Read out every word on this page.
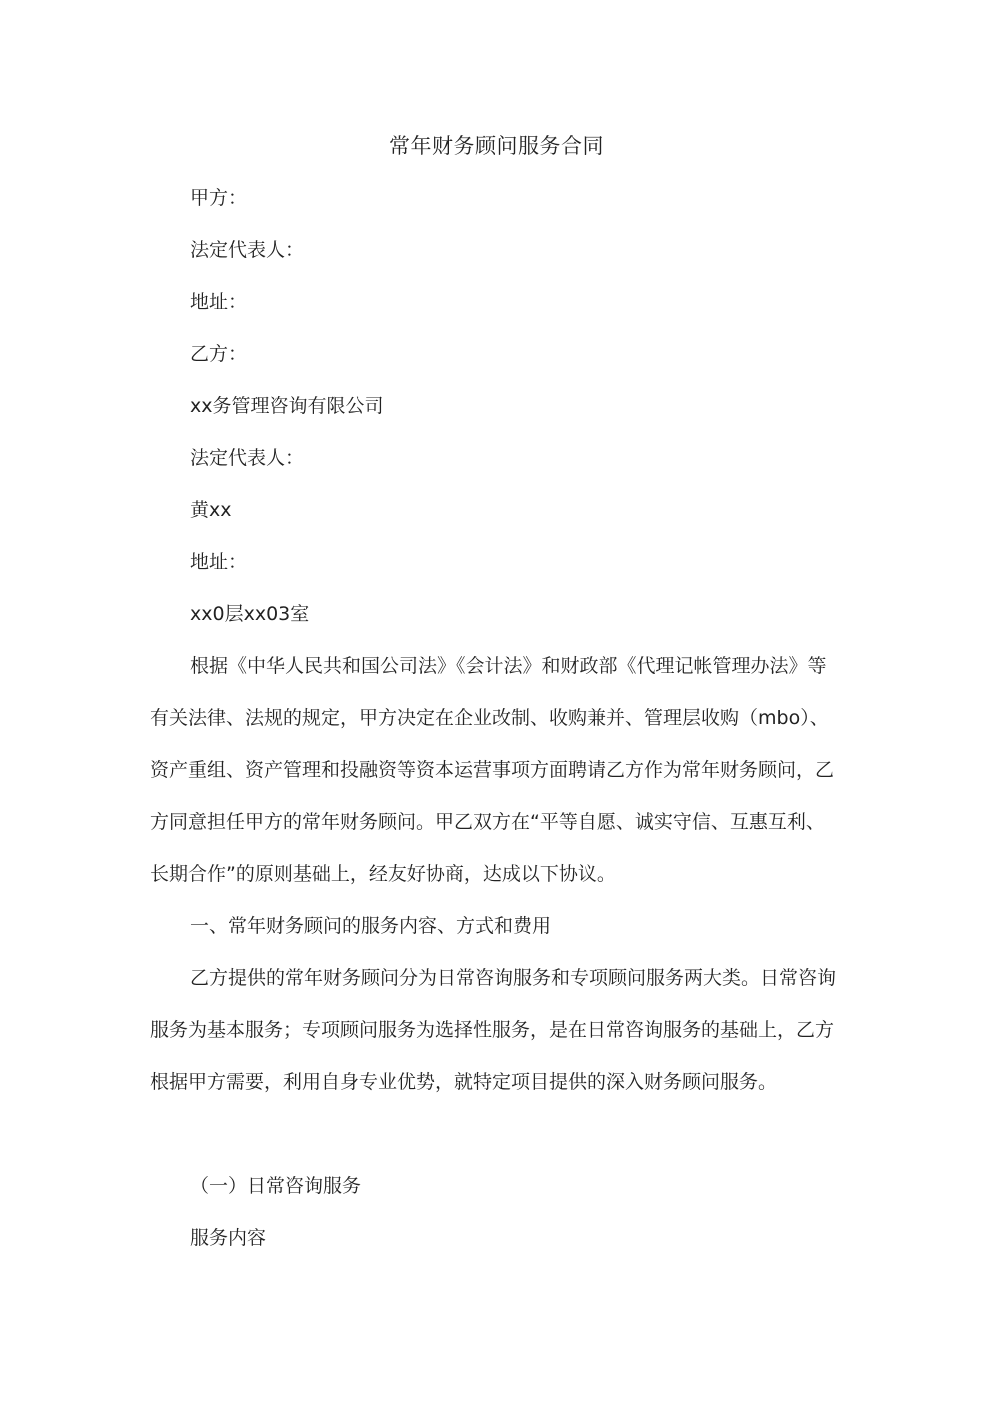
常年财务顾问服务合同
甲方：
法定代表人：
地址：
乙方：
xx务管理咨询有限公司
法定代表人：
黄xx
地址：
xx0层xx03室
根据《中华人民共和国公司法》《会计法》和财政部《代理记帐管理办法》等有关法律、法规的规定，甲方决定在企业改制、收购兼并、管理层收购（mbo）、资产重组、资产管理和投融资等资本运营事项方面聘请乙方作为常年财务顾问，乙方同意担任甲方的常年财务顾问。甲乙双方在“平等自愿、诚实守信、互惠互利、长期合作”的原则基础上，经友好协商，达成以下协议。
一、常年财务顾问的服务内容、方式和费用
乙方提供的常年财务顾问分为日常咨询服务和专项顾问服务两大类。日常咨询服务为基本服务；专项顾问服务为选择性服务，是在日常咨询服务的基础上，乙方根据甲方需要，利用自身专业优势，就特定项目提供的深入财务顾问服务。
（一）日常咨询服务
服务内容
